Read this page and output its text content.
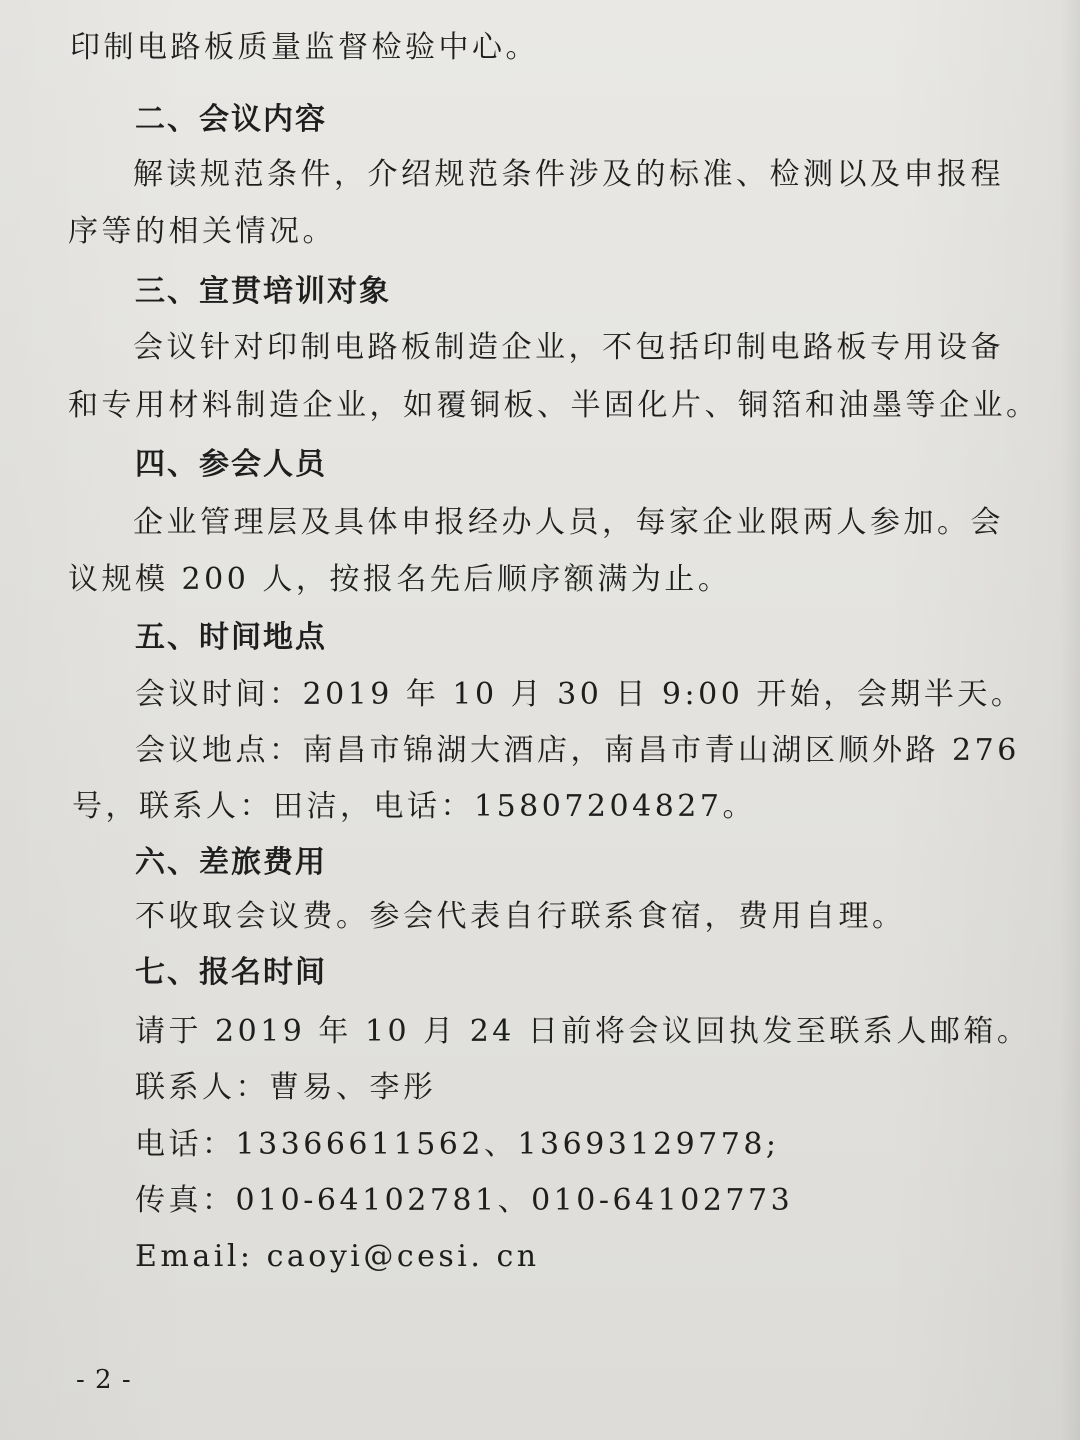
印制电路板质量监督检验中心。

二、会议内容

解读规范条件，介绍规范条件涉及的标准、检测以及申报程

序等的相关情况。

三、宣贯培训对象

会议针对印制电路板制造企业，不包括印制电路板专用设备

和专用材料制造企业，如覆铜板、半固化片、铜箔和油墨等企业。

四、参会人员

企业管理层及具体申报经办人员，每家企业限两人参加。会

议规模 200 人，按报名先后顺序额满为止。

五、时间地点

会议时间：2019 年 10 月 30 日 9:00 开始，会期半天。

会议地点：南昌市锦湖大酒店，南昌市青山湖区顺外路 276

号，联系人：田洁，电话：15807204827。

六、差旅费用

不收取会议费。参会代表自行联系食宿，费用自理。

七、报名时间

请于 2019 年 10 月 24 日前将会议回执发至联系人邮箱。

联系人：曹易、李彤

电话：13366611562、13693129778;

传真：010-64102781、010-64102773

Email: caoyi@cesi. cn

- 2 -
